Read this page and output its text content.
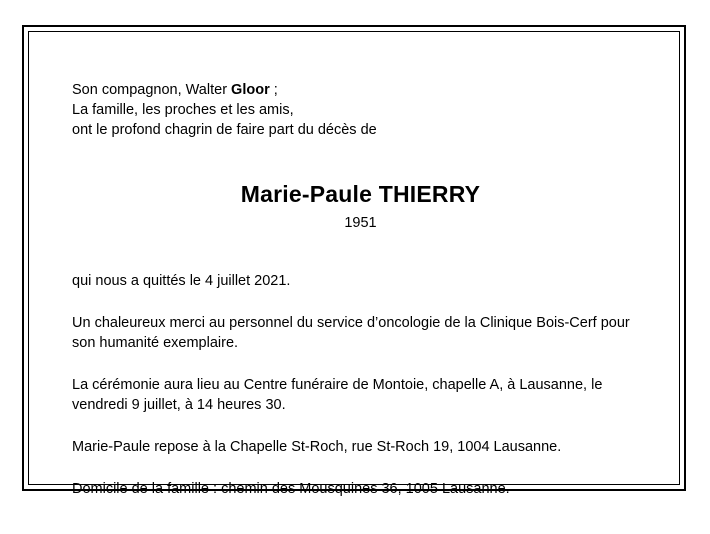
Son compagnon, Walter Gloor ;
La famille, les proches et les amis,
ont le profond chagrin de faire part du décès de
Marie-Paule THIERRY
1951
qui nous a quittés le 4 juillet 2021.
Un chaleureux merci au personnel du service d’oncologie de la Clinique Bois-Cerf pour son humanité exemplaire.
La cérémonie aura lieu au Centre funéraire de Montoie, chapelle A, à Lausanne, le vendredi 9 juillet, à 14 heures 30.
Marie-Paule repose à la Chapelle St-Roch, rue St-Roch 19, 1004 Lausanne.
Domicile de la famille : chemin des Mousquines 36, 1005 Lausanne.
